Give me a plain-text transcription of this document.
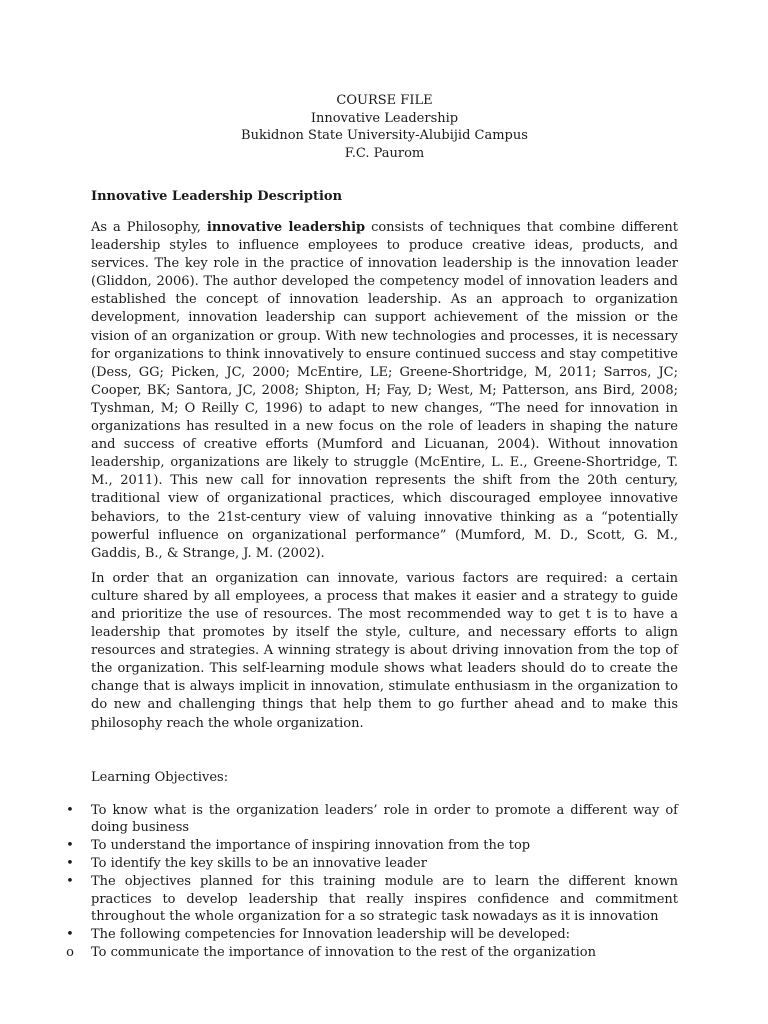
COURSE FILE
Innovative Leadership
Bukidnon State University-Alubijid Campus
F.C. Paurom
Innovative Leadership Description

As a Philosophy, innovative leadership consists of techniques that combine different leadership styles to influence employees to produce creative ideas, products, and services. The key role in the practice of innovation leadership is the innovation leader (Gliddon, 2006). The author developed the competency model of innovation leaders and established the concept of innovation leadership. As an approach to organization development, innovation leadership can support achievement of the mission or the vision of an organization or group. With new technologies and processes, it is necessary for organizations to think innovatively to ensure continued success and stay competitive (Dess, GG; Picken, JC, 2000; McEntire, LE; Greene-Shortridge, M, 2011; Sarros, JC; Cooper, BK; Santora, JC, 2008; Shipton, H; Fay, D; West, M; Patterson, ans Bird, 2008; Tyshman, M; O Reilly C, 1996) to adapt to new changes, “The need for innovation in organizations has resulted in a new focus on the role of leaders in shaping the nature and success of creative efforts (Mumford and Licuanan, 2004). Without innovation leadership, organizations are likely to struggle (McEntire, L. E., Greene-Shortridge, T. M., 2011). This new call for innovation represents the shift from the 20th century, traditional view of organizational practices, which discouraged employee innovative behaviors, to the 21st-century view of valuing innovative thinking as a “potentially powerful influence on organizational performance” (Mumford, M. D., Scott, G. M., Gaddis, B., & Strange, J. M. (2002).

In order that an organization can innovate, various factors are required: a certain culture shared by all employees, a process that makes it easier and a strategy to guide and prioritize the use of resources. The most recommended way to get t is to have a leadership that promotes by itself the style, culture, and necessary efforts to align resources and strategies. A winning strategy is about driving innovation from the top of the organization. This self-learning module shows what leaders should do to create the change that is always implicit in innovation, stimulate enthusiasm in the organization to do new and challenging things that help them to go further ahead and to make this philosophy reach the whole organization.

Learning Objectives:
• To know what is the organization leaders’ role in order to promote a different way of doing business
• To understand the importance of inspiring innovation from the top
• To identify the key skills to be an innovative leader
• The objectives planned for this training module are to learn the different known practices to develop leadership that really inspires confidence and commitment throughout the whole organization for a so strategic task nowadays as it is innovation
• The following competencies for Innovation leadership will be developed:
o To communicate the importance of innovation to the rest of the organization
